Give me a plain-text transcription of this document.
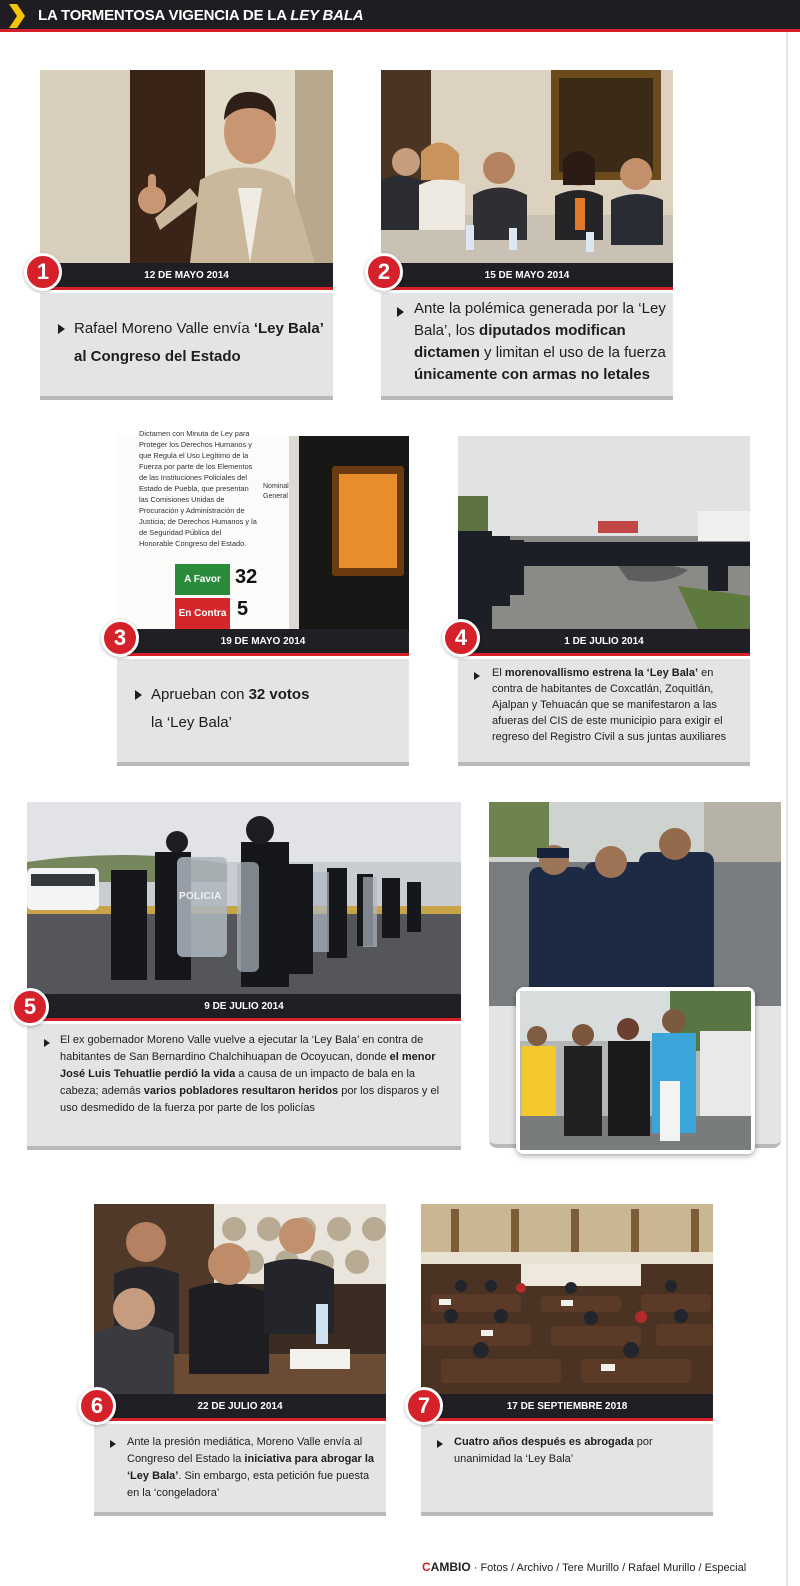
LA TORMENTOSA VIGENCIA DE LA LEY BALA
12 DE MAYO 2014
Rafael Moreno Valle envía ‘Ley Bala’ al Congreso del Estado
1	15 DE MAYO 2014
Ante la polémica generada por la ‘Ley Bala’, los diputados modifican dictamen y limitan el uso de la fuerza únicamente con armas no letales
2
Dictamen con Minuta de Ley para Proteger los Derechos Humanos y que Regula el Uso Legítimo de la Fuerza por parte de los Elementos de las Instituciones Policiales del Estado de Puebla, que presentan las Comisiones Unidas de Procuración y Administración de Justicia; de Derechos Humanos y la de Seguridad Pública del Honorable Congreso del Estado.
Nominal General
A Favor 32
En Contra 5
19 DE MAYO 2014
Aprueban con 32 votos la ‘Ley Bala’
3	1 DE JULIO 2014
El morenovallismo estrena la ‘Ley Bala’ en contra de habitantes de Coxcatlán, Zoquitlán, Ajalpan y Tehuacán que se manifestaron a las afueras del CIS de este municipio para exigir el regreso del Registro Civil a sus juntas auxiliares
4
POLICIA
9 DE JULIO 2014
El ex gobernador Moreno Valle vuelve a ejecutar la ‘Ley Bala’ en contra de habitantes de San Bernardino Chalchihuapan de Ocoyucan, donde el menor José Luis Tehuatlie perdió la vida a causa de un impacto de bala en la cabeza; además varios pobladores resultaron heridos por los disparos y el uso desmedido de la fuerza por parte de los policías
5
22 DE JULIO 2014
Ante la presión mediática, Moreno Valle envía al Congreso del Estado la iniciativa para abrogar la ‘Ley Bala’. Sin embargo, esta petición fue puesta en la ‘congeladora’
6	17 DE SEPTIEMBRE 2018
Cuatro años después es abrogada por unanimidad la ‘Ley Bala’
7
CAMBIO · Fotos / Archivo / Tere Murillo / Rafael Murillo / Especial
